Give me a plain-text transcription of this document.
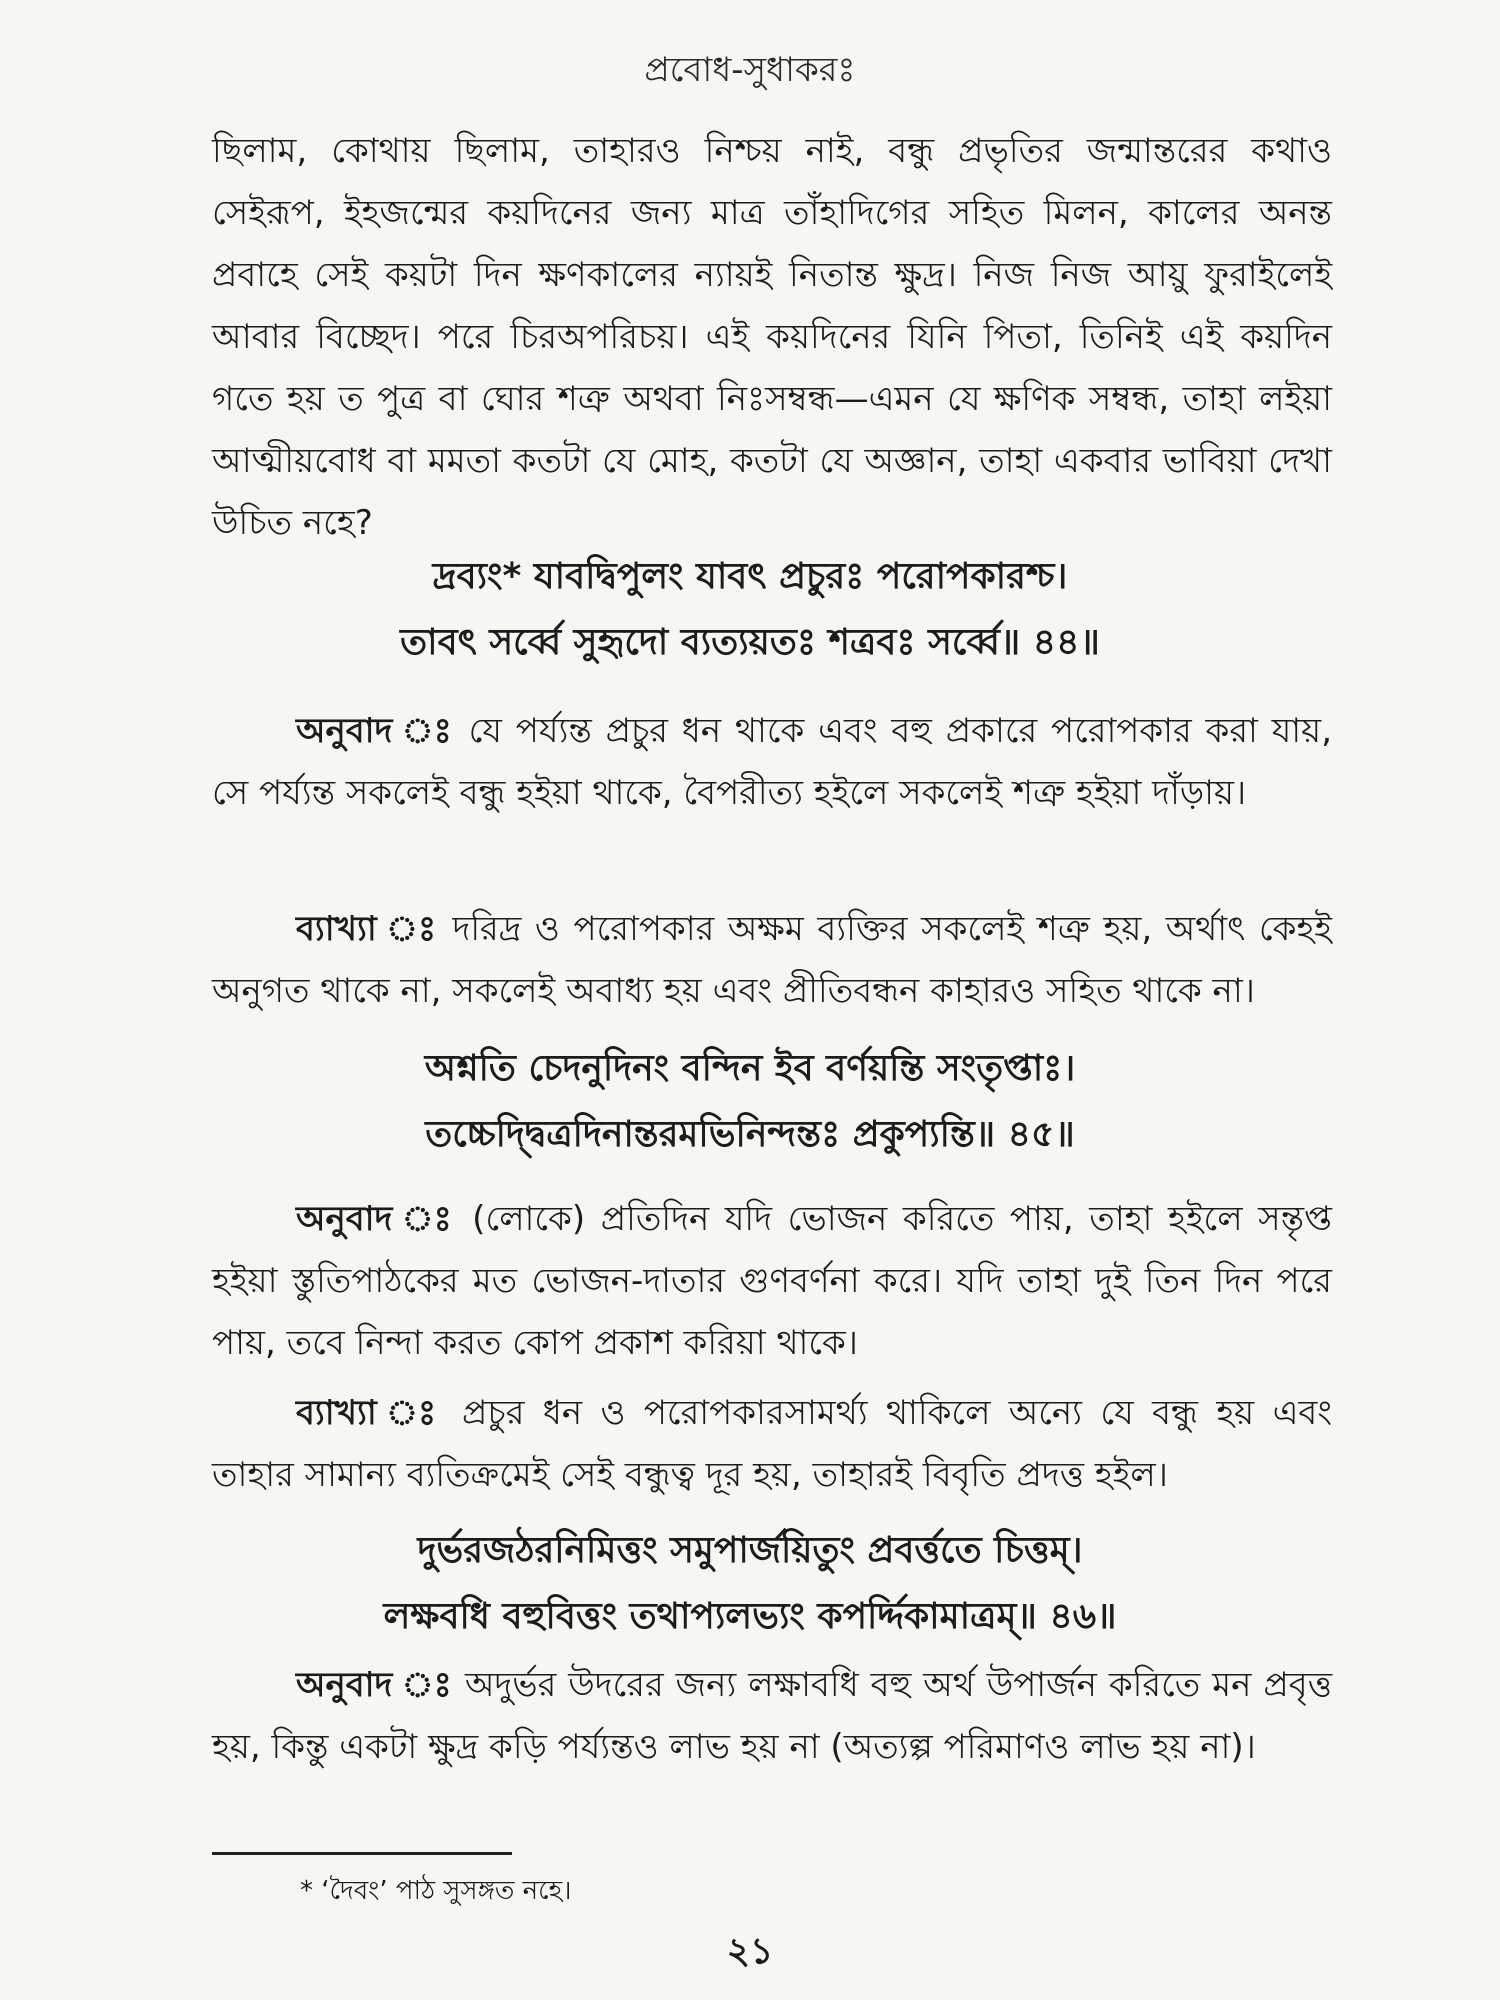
প্রবোধ-সুধাকরঃ
ছিলাম, কোথায় ছিলাম, তাহারও নিশ্চয় নাই, বন্ধু প্রভৃতির জন্মান্তরের কথাও সেইরূপ, ইহজন্মের কয়দিনের জন্য মাত্র তাঁহাদিগের সহিত মিলন, কালের অনন্ত প্রবাহে সেই কয়টা দিন ক্ষণকালের ন্যায়ই নিতান্ত ক্ষুদ্র। নিজ নিজ আয়ু ফুরাইলেই আবার বিচ্ছেদ। পরে চিরঅপরিচয়। এই কয়দিনের যিনি পিতা, তিনিই এই কয়দিন গতে হয় ত পুত্র বা ঘোর শত্রু অথবা নিঃসম্বন্ধ—এমন যে ক্ষণিক সম্বন্ধ, তাহা লইয়া আত্মীয়বোধ বা মমতা কতটা যে মোহ, কতটা যে অজ্ঞান, তাহা একবার ভাবিয়া দেখা উচিত নহে?
দ্রব্যং* যাবদ্বিপুলং যাবৎ প্রচুরঃ পরোপকারশ্চ।
তাবৎ সর্ব্বে সুহৃদো ব্যত্যয়তঃ শত্রবঃ সর্ব্বে॥ ৪৪॥
অনুবাদ ঃ যে পর্য্যন্ত প্রচুর ধন থাকে এবং বহু প্রকারে পরোপকার করা যায়, সে পর্য্যন্ত সকলেই বন্ধু হইয়া থাকে, বৈপরীত্য হইলে সকলেই শত্রু হইয়া দাঁড়ায়।
ব্যাখ্যা ঃ দরিদ্র ও পরোপকার অক্ষম ব্যক্তির সকলেই শত্রু হয়, অর্থাৎ কেহই অনুগত থাকে না, সকলেই অবাধ্য হয় এবং প্রীতিবন্ধন কাহারও সহিত থাকে না।
অশ্নতি চেদনুদিনং বন্দিন ইব বর্ণয়ন্তি সংতৃপ্তাঃ।
তচ্চেদ্দ্বিত্রদিনান্তরমভিনিন্দন্তঃ প্রকুপ্যন্তি॥ ৪৫॥
অনুবাদ ঃ (লোকে) প্রতিদিন যদি ভোজন করিতে পায়, তাহা হইলে সন্তৃপ্ত হইয়া স্তুতিপাঠকের মত ভোজন-দাতার গুণবর্ণনা করে। যদি তাহা দুই তিন দিন পরে পায়, তবে নিন্দা করত কোপ প্রকাশ করিয়া থাকে।
ব্যাখ্যা ঃ প্রচুর ধন ও পরোপকারসামর্থ্য থাকিলে অন্যে যে বন্ধু হয় এবং তাহার সামান্য ব্যতিক্রমেই সেই বন্ধুত্ব দূর হয়, তাহারই বিবৃতি প্রদত্ত হইল।
দুর্ভরজঠরনিমিত্তং সমুপার্জয়িতুং প্রবর্ত্ততে চিত্তম্।
লক্ষবধি বহুবিত্তং তথাপ্যলভ্যং কপর্দ্দিকামাত্রম্॥ ৪৬॥
অনুবাদ ঃ অদুর্ভর উদরের জন্য লক্ষাবধি বহু অর্থ উপার্জন করিতে মন প্রবৃত্ত হয়, কিন্তু একটা ক্ষুদ্র কড়ি পর্য্যন্তও লাভ হয় না (অত্যল্প পরিমাণও লাভ হয় না)।
* ‘দৈবং’ পাঠ সুসঙ্গত নহে।
২১
